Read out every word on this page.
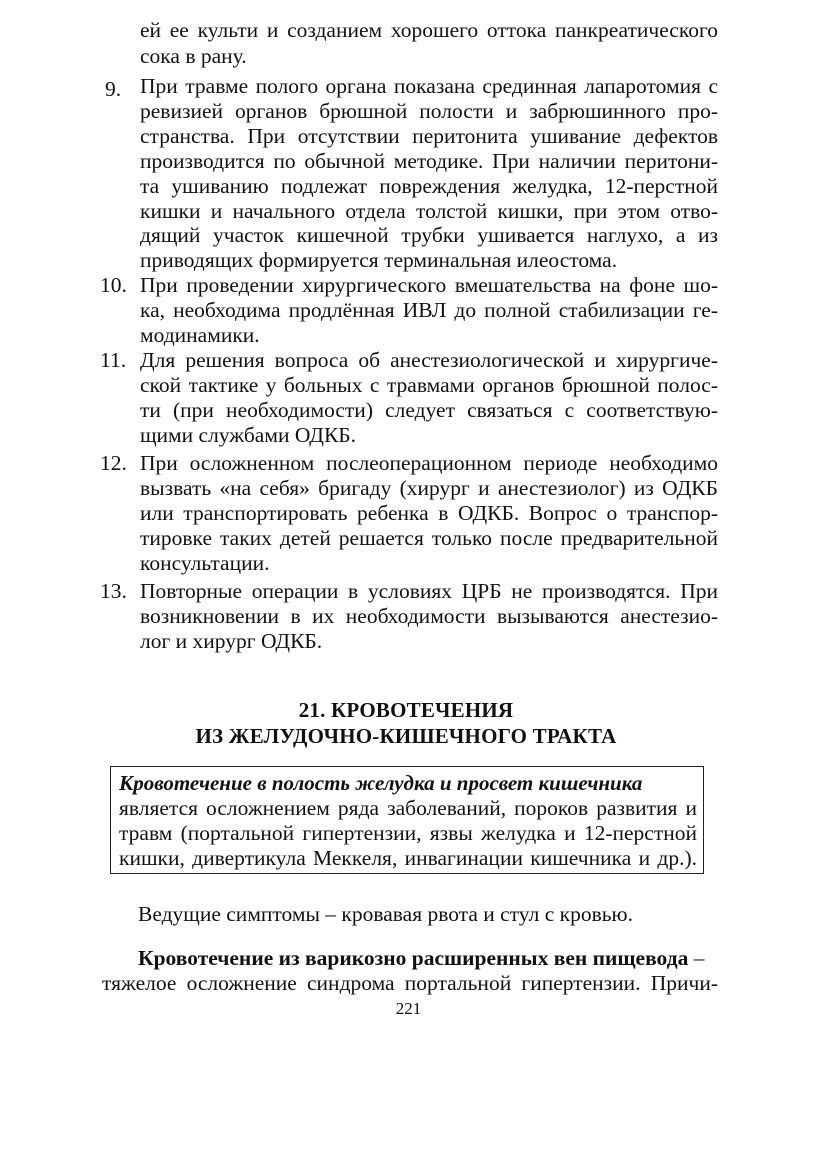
ей ее культи и созданием хорошего оттока панкреатического
сока в рану.
9. При травме полого органа показана срединная лапаротомия с
ревизией органов брюшной полости и забрюшинного про-
странства. При отсутствии перитонита ушивание дефектов
производится по обычной методике. При наличии перитони-
та ушиванию подлежат повреждения желудка, 12-перстной
кишки и начального отдела толстой кишки, при этом отво-
дящий участок кишечной трубки ушивается наглухо, а из
приводящих формируется терминальная илеостома.
10. При проведении хирургического вмешательства на фоне шо-
ка, необходима продлённая ИВЛ до полной стабилизации ге-
модинамики.
11. Для решения вопроса об анестезиологической и хирургиче-
ской тактике у больных с травмами органов брюшной полос-
ти (при необходимости) следует связаться с соответствую-
щими службами ОДКБ.
12. При осложненном послеоперационном периоде необходимо
вызвать «на себя» бригаду (хирург и анестезиолог) из ОДКБ
или транспортировать ребенка в ОДКБ. Вопрос о транспор-
тировке таких детей решается только после предварительной
консультации.
13. Повторные операции в условиях ЦРБ не производятся. При
возникновении в их необходимости вызываются анестезио-
лог и хирург ОДКБ.
21. КРОВОТЕЧЕНИЯ
ИЗ ЖЕЛУДОЧНО-КИШЕЧНОГО ТРАКТА
Кровотечение в полость желудка и просвет кишечника
является осложнением ряда заболеваний, пороков развития и
травм (портальной гипертензии, язвы желудка и 12-перстной
кишки, дивертикула Меккеля, инвагинации кишечника и др.).
Ведущие симптомы – кровавая рвота и стул с кровью.
Кровотечение из варикозно расширенных вен пищевода –
тяжелое осложнение синдрома портальной гипертензии. Причи-
221
